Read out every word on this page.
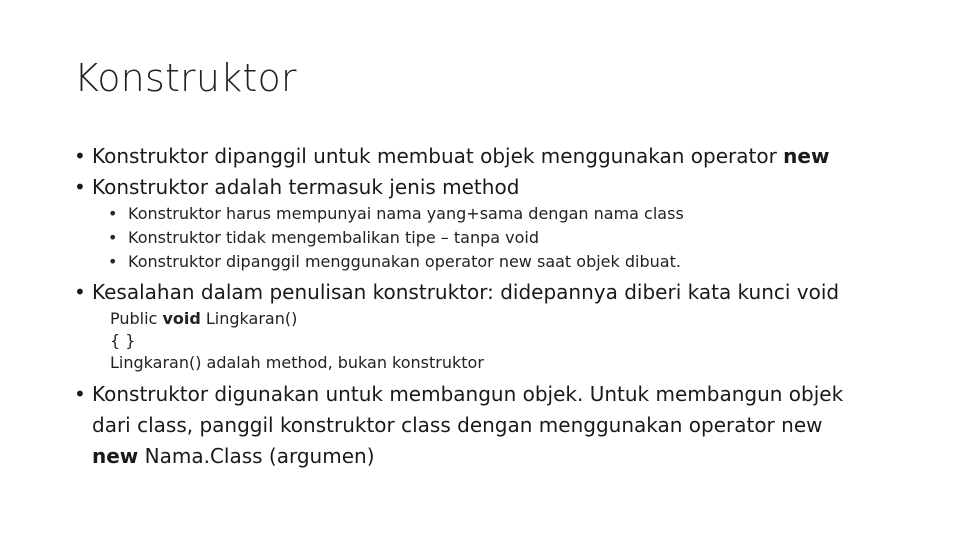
Konstruktor
• Konstruktor dipanggil untuk membuat objek menggunakan operator new
• Konstruktor adalah termasuk jenis method
• Konstruktor harus mempunyai nama yang+sama dengan nama class
• Konstruktor tidak mengembalikan tipe – tanpa void
• Konstruktor dipanggil menggunakan operator new saat objek dibuat.
• Kesalahan dalam penulisan konstruktor: didepannya diberi kata kunci void
Public void Lingkaran()
{ }
Lingkaran() adalah method, bukan konstruktor
• Konstruktor digunakan untuk membangun objek. Untuk membangun objek
dari class, panggil konstruktor class dengan menggunakan operator new
new Nama.Class (argumen)
